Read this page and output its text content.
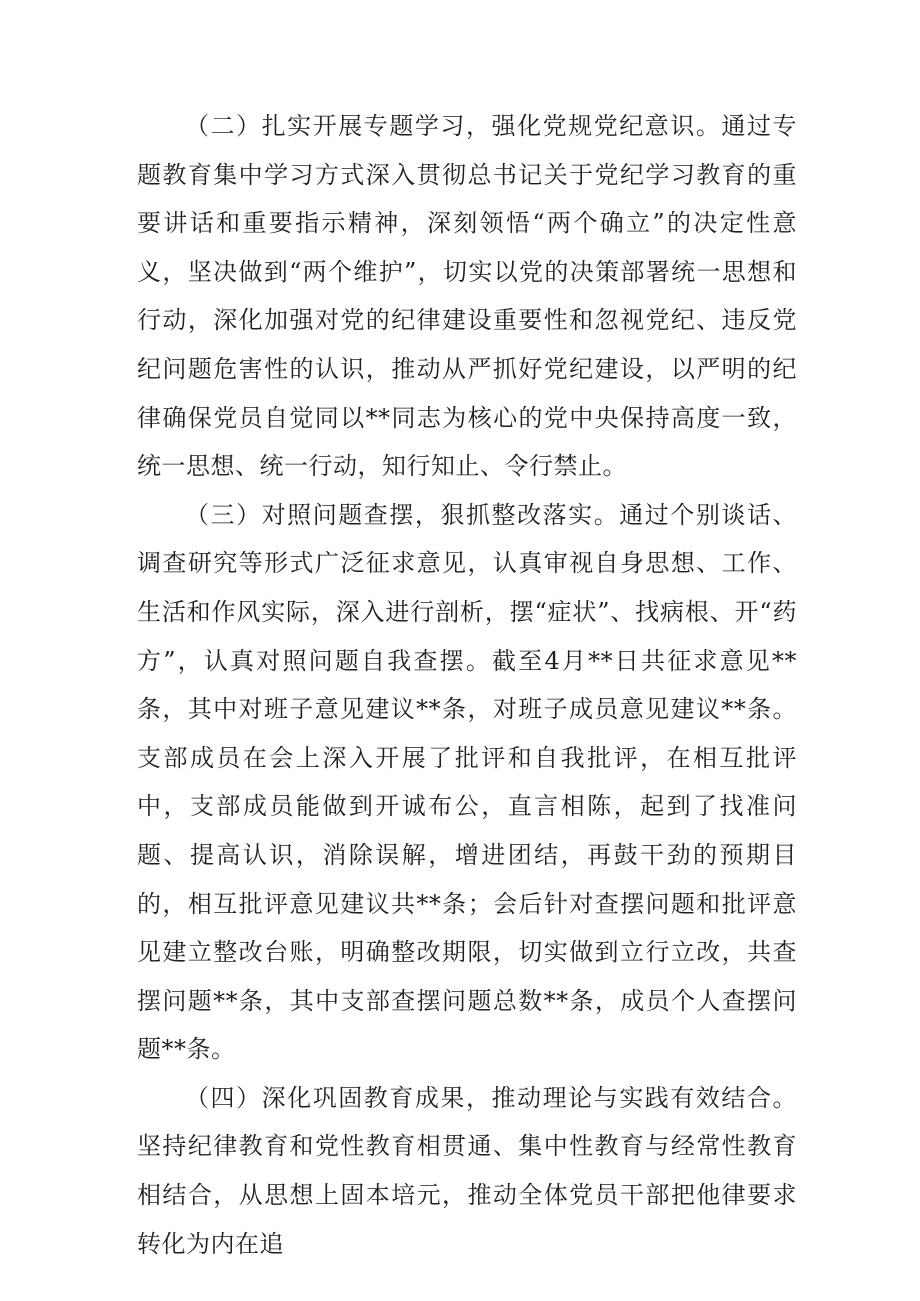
（二）扎实开展专题学习，强化党规党纪意识。通过专题教育集中学习方式深入贯彻总书记关于党纪学习教育的重要讲话和重要指示精神，深刻领悟“两个确立”的决定性意义，坚决做到“两个维护”，切实以党的决策部署统一思想和行动，深化加强对党的纪律建设重要性和忽视党纪、违反党纪问题危害性的认识，推动从严抓好党纪建设，以严明的纪律确保党员自觉同以**同志为核心的党中央保持高度一致，统一思想、统一行动，知行知止、令行禁止。

（三）对照问题查摆，狠抓整改落实。通过个别谈话、调查研究等形式广泛征求意见，认真审视自身思想、工作、生活和作风实际，深入进行剖析，摆“症状”、找病根、开“药方”，认真对照问题自我查摆。截至4月**日共征求意见**条，其中对班子意见建议**条，对班子成员意见建议**条。支部成员在会上深入开展了批评和自我批评，在相互批评中，支部成员能做到开诚布公，直言相陈，起到了找准问题、提高认识，消除误解，增进团结，再鼓干劲的预期目的，相互批评意见建议共**条；会后针对查摆问题和批评意见建立整改台账，明确整改期限，切实做到立行立改，共查摆问题**条，其中支部查摆问题总数**条，成员个人查摆问题**条。

（四）深化巩固教育成果，推动理论与实践有效结合。坚持纪律教育和党性教育相贯通、集中性教育与经常性教育相结合，从思想上固本培元，推动全体党员干部把他律要求转化为内在追
